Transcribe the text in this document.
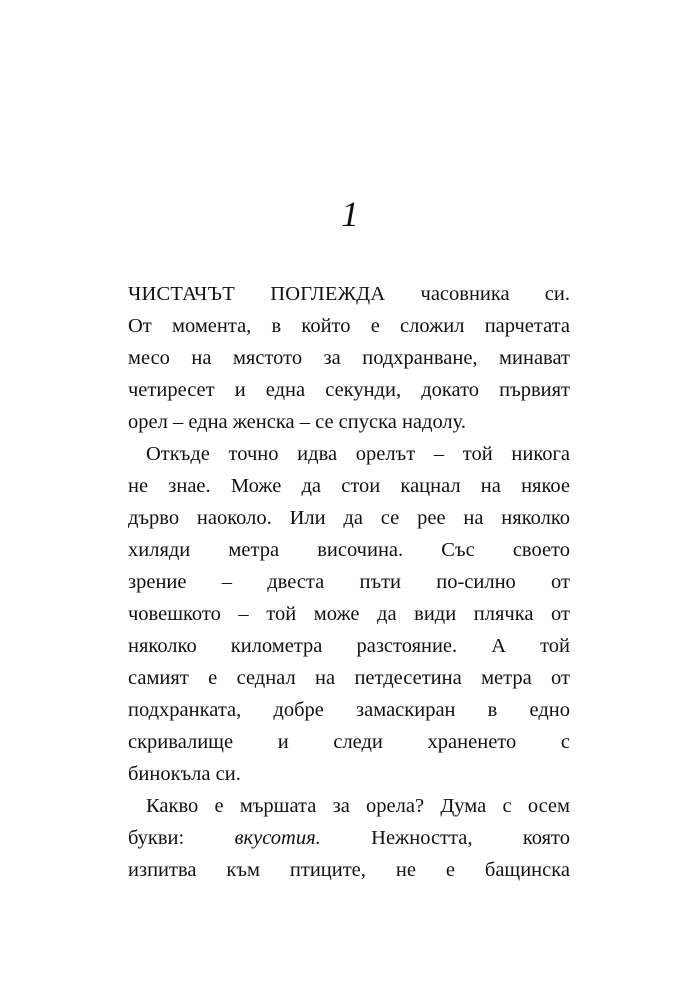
1

ЧИСТАЧЪТ ПОГЛЕЖДА часовника си.
От момента, в който е сложил парчетата
месо на мястото за подхранване, минават
четиресет и една секунди, докато първият
орел – една женска – се спуска надолу.

Откъде точно идва орелът – той никога
не знае. Може да стои кацнал на някое
дърво наоколо. Или да се рее на няколко
хиляди метра височина. Със своето
зрение – двеста пъти по-силно от
човешкото – той може да види плячка от
няколко километра разстояние. А той
самият е седнал на петдесетина метра от
подхранката, добре замаскиран в едно
скривалище и следи храненето с
бинокъла си.

Какво е мършата за орела? Дума с осем
букви: вкусотия. Нежността, която
изпитва към птиците, не е бащинска
